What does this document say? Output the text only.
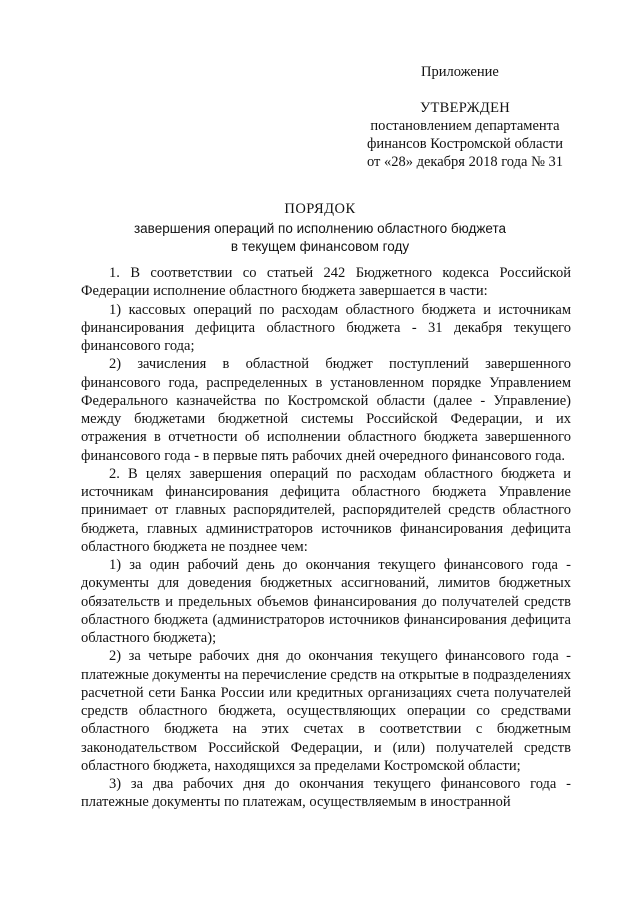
Приложение
УТВЕРЖДЕН
постановлением департамента
финансов Костромской области
от «28» декабря 2018 года № 31
ПОРЯДОК
завершения операций по исполнению областного бюджета
в текущем финансовом году

1. В соответствии со статьей 242 Бюджетного кодекса Российской Федерации исполнение областного бюджета завершается в части:

1) кассовых операций по расходам областного бюджета и источникам финансирования дефицита областного бюджета - 31 декабря текущего финансового года;

2) зачисления в областной бюджет поступлений завершенного финансового года, распределенных в установленном порядке Управлением Федерального казначейства по Костромской области (далее - Управление) между бюджетами бюджетной системы Российской Федерации, и их отражения в отчетности об исполнении областного бюджета завершенного финансового года - в первые пять рабочих дней очередного финансового года.

2. В целях завершения операций по расходам областного бюджета и источникам финансирования дефицита областного бюджета Управление принимает от главных распорядителей, распорядителей средств областного бюджета, главных администраторов источников финансирования дефицита областного бюджета не позднее чем:

1) за один рабочий день до окончания текущего финансового года - документы для доведения бюджетных ассигнований, лимитов бюджетных обязательств и предельных объемов финансирования до получателей средств областного бюджета (администраторов источников финансирования дефицита областного бюджета);

2) за четыре рабочих дня до окончания текущего финансового года - платежные документы на перечисление средств на открытые в подразделениях расчетной сети Банка России или кредитных организациях счета получателей средств областного бюджета, осуществляющих операции со средствами областного бюджета на этих счетах в соответствии с бюджетным законодательством Российской Федерации, и (или) получателей средств областного бюджета, находящихся за пределами Костромской области;

3) за два рабочих дня до окончания текущего финансового года - платежные документы по платежам, осуществляемым в иностранной
